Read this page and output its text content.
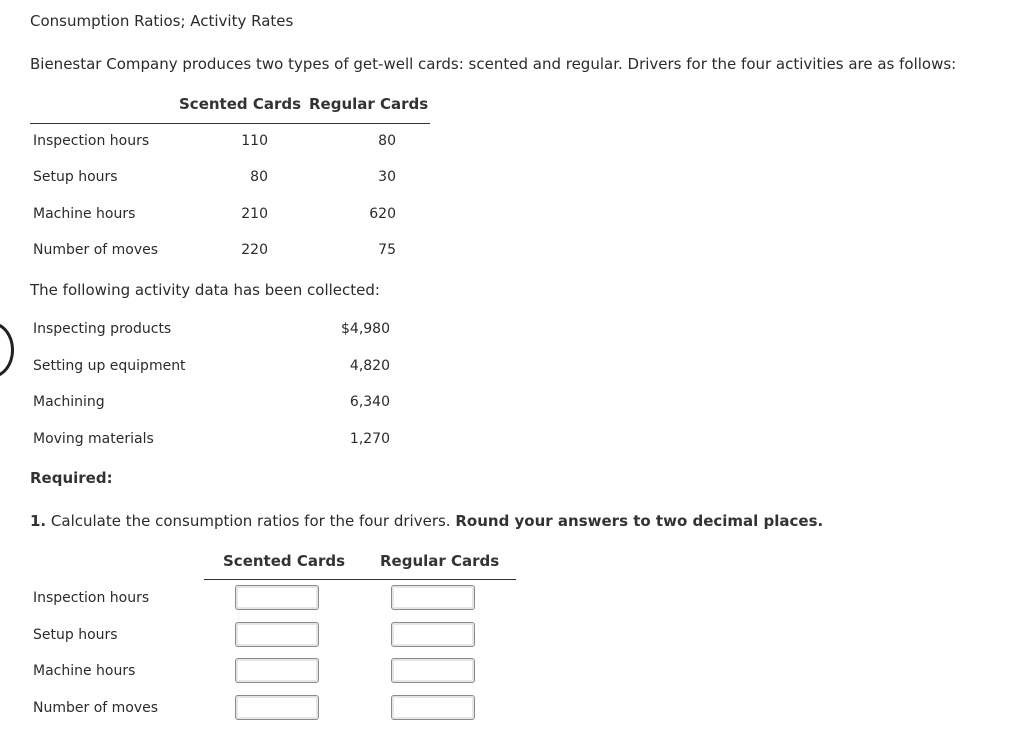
Consumption Ratios; Activity Rates
Bienestar Company produces two types of get-well cards: scented and regular. Drivers for the four activities are as follows:
Scented Cards Regular Cards
Inspection hours	110	80
Setup hours	80	30
Machine hours	210	620
Number of moves	220	75
The following activity data has been collected:
Inspecting products	$4,980
Setting up equipment	4,820
Machining	6,340
Moving materials	1,270
Required:
1. Calculate the consumption ratios for the four drivers. Round your answers to two decimal places.
Scented Cards Regular Cards
Inspection hours
Setup hours
Machine hours
Number of moves
